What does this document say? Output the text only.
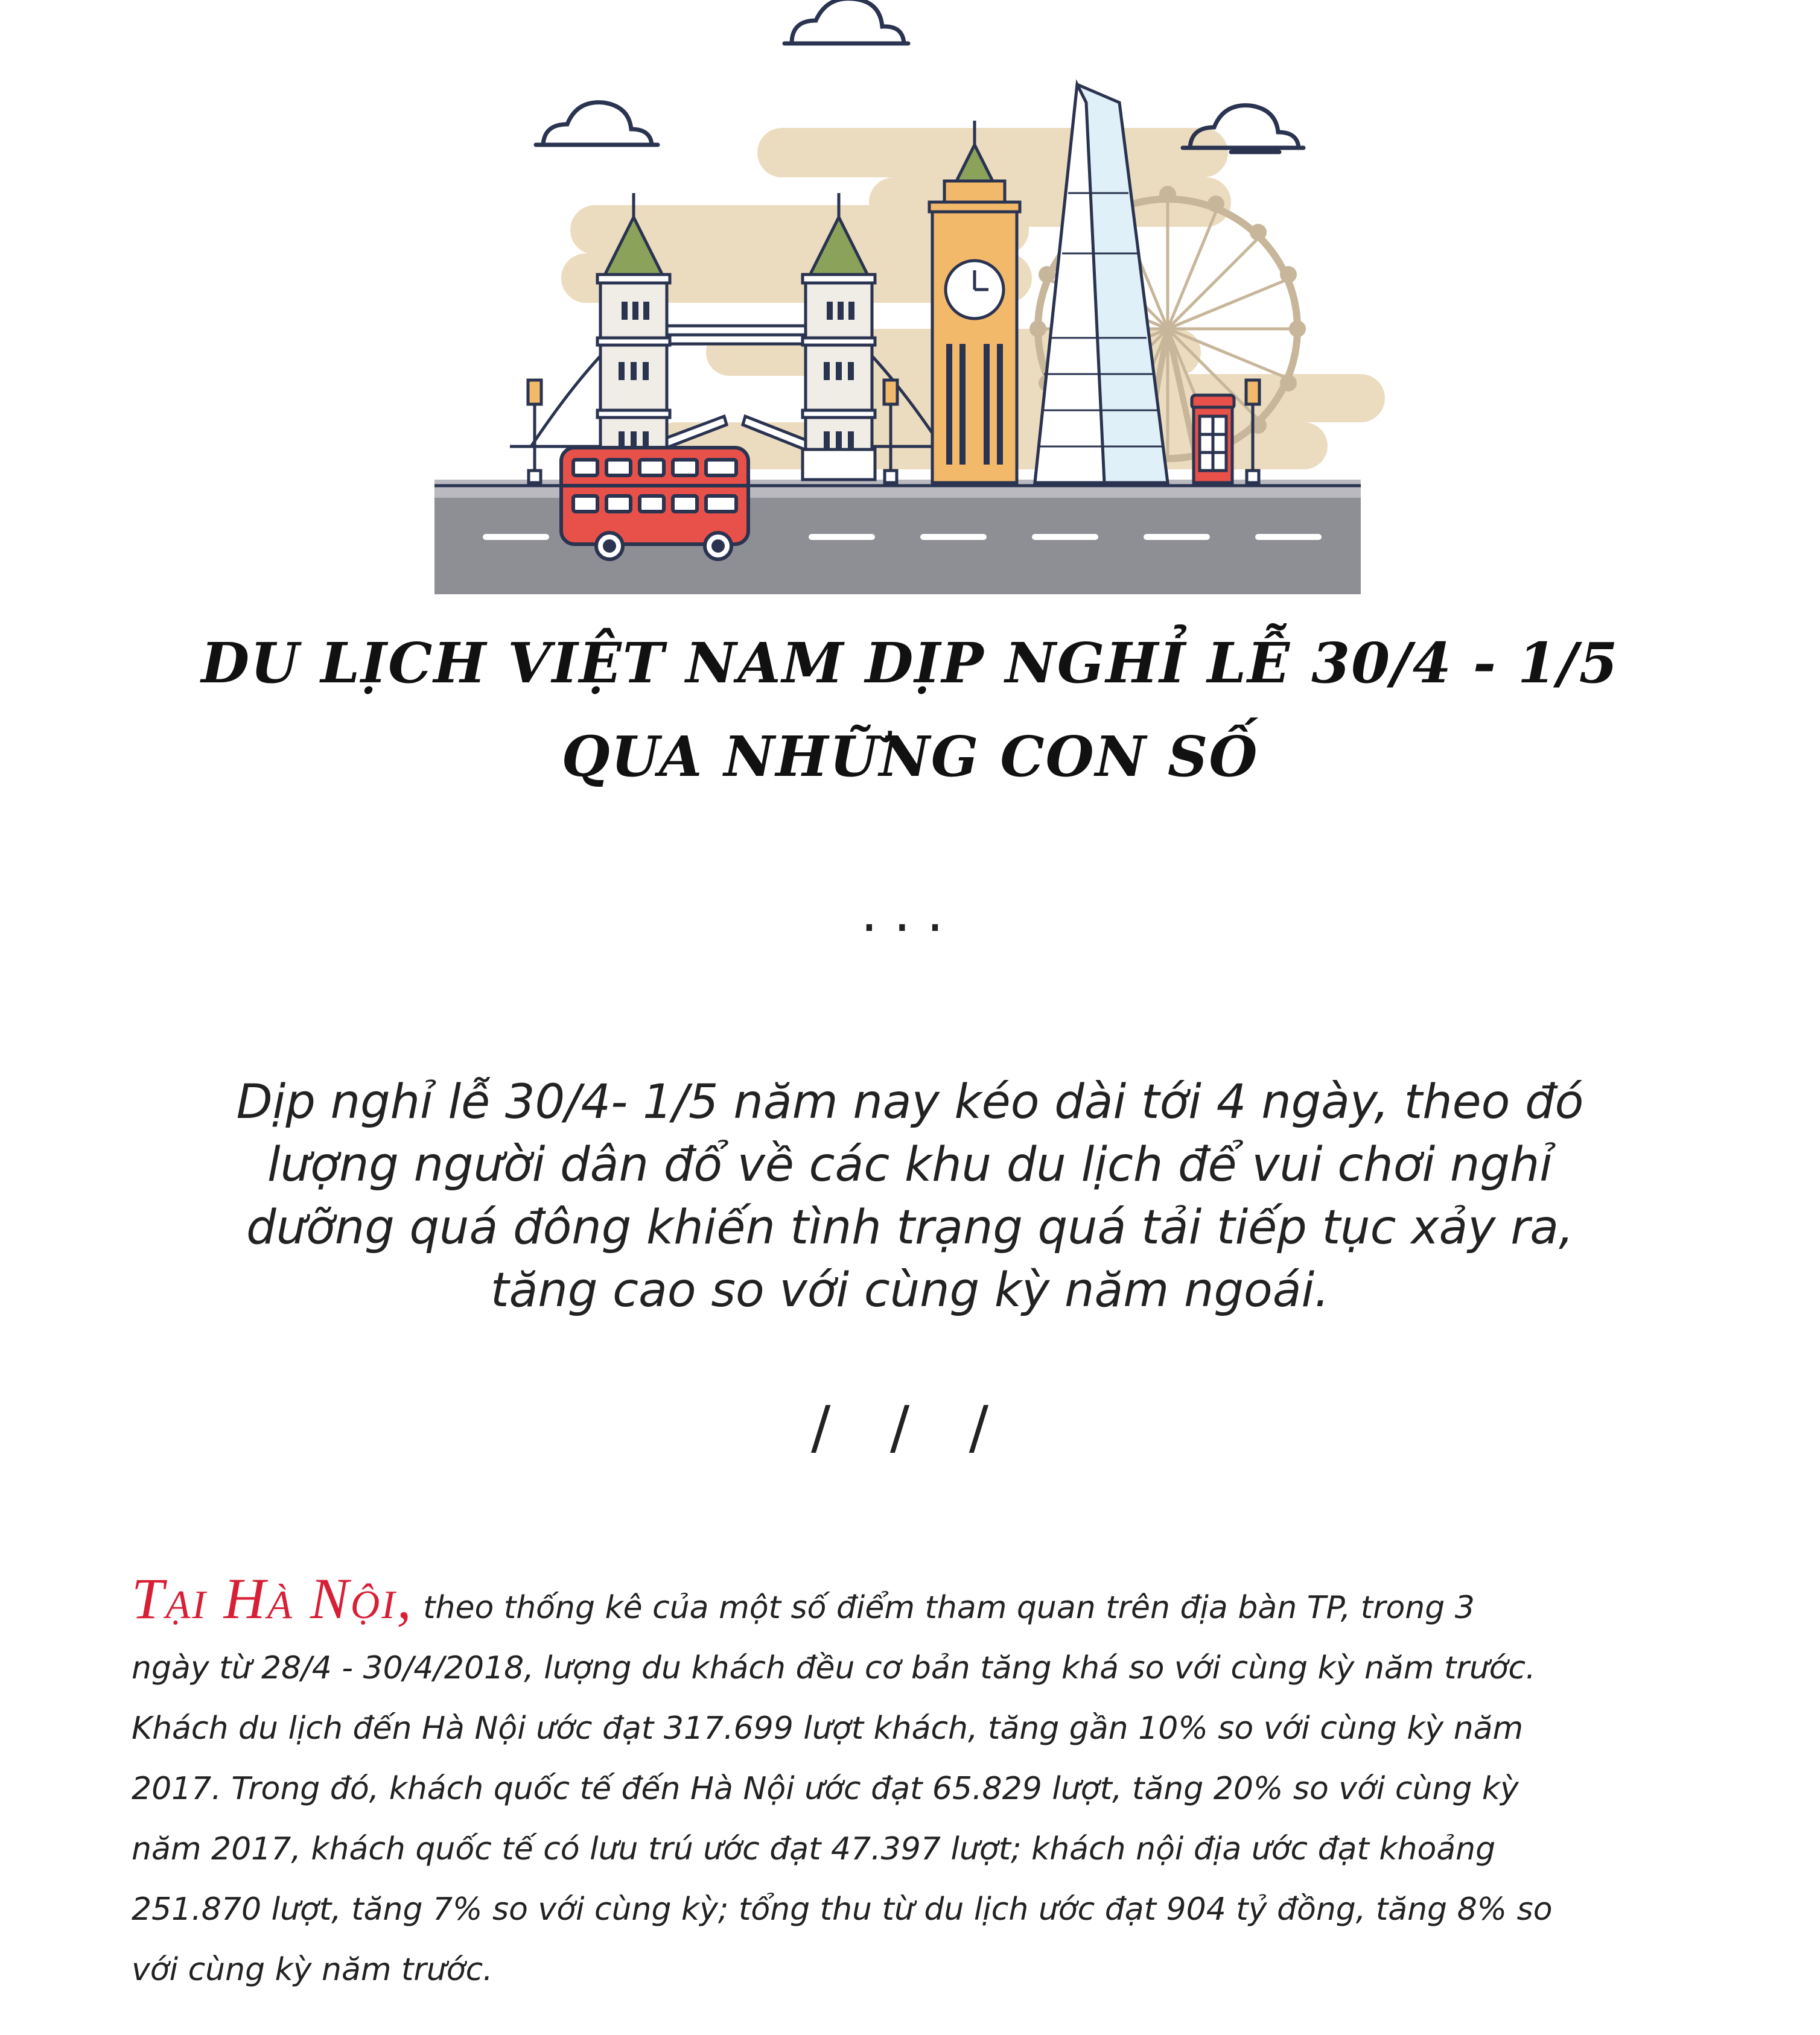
DU LỊCH VIỆT NAM DỊP NGHỈ LỄ 30/4 - 1/5
QUA NHỮNG CON SỐ
...
Dịp nghỉ lễ 30/4- 1/5 năm nay kéo dài tới 4 ngày, theo đó
lượng người dân đổ về các khu du lịch để vui chơi nghỉ
dưỡng quá đông khiến tình trạng quá tải tiếp tục xảy ra,
tăng cao so với cùng kỳ năm ngoái.
/ / /
Tại Hà Nội, theo thống kê của một số điểm tham quan trên địa bàn TP, trong 3
ngày từ 28/4 - 30/4/2018, lượng du khách đều cơ bản tăng khá so với cùng kỳ năm trước.
Khách du lịch đến Hà Nội ước đạt 317.699 lượt khách, tăng gần 10% so với cùng kỳ năm
2017. Trong đó, khách quốc tế đến Hà Nội ước đạt 65.829 lượt, tăng 20% so với cùng kỳ
năm 2017, khách quốc tế có lưu trú ước đạt 47.397 lượt; khách nội địa ước đạt khoảng
251.870 lượt, tăng 7% so với cùng kỳ; tổng thu từ du lịch ước đạt 904 tỷ đồng, tăng 8% so
với cùng kỳ năm trước.
